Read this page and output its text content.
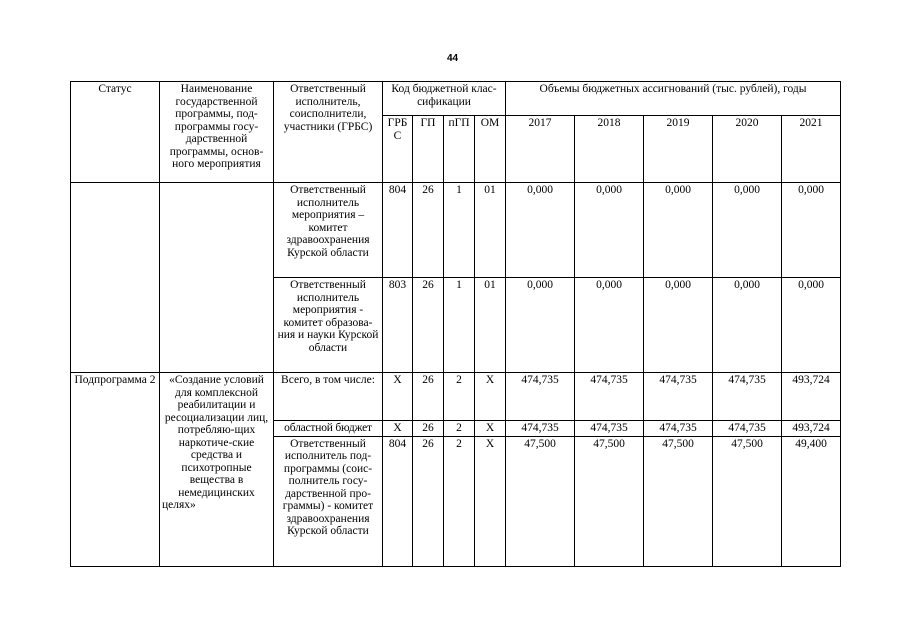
44
Статус	Наименование государственной программы, под-программы госу-дарственной программы, основ-ного мероприятия	Ответственный исполнитель, соисполнители, участники (ГРБС)	Код бюджетной клас-сификации				Объемы бюджетных ассигнований (тыс. рублей), годы				
			ГРБ С	ГП	пГП	ОМ	2017	2018	2019	2020	2021
		Ответственный исполнитель мероприятия – комитет здравоохранения Курской области	804	26	1	01	0,000	0,000	0,000	0,000	0,000
		Ответственный исполнитель мероприятия - комитет образова-ния и науки Курской области	803	26	1	01	0,000	0,000	0,000	0,000	0,000
Подпрограмма 2	«Создание условий для комплексной реабилитации и ресоциализации лиц, потребляю-щих наркотиче-ские средства и психотропные вещества в немедицинских целях»	Всего, в том числе:	Х	26	2	Х	474,735	474,735	474,735	474,735	493,724
		областной бюджет	Х	26	2	Х	474,735	474,735	474,735	474,735	493,724
		Ответственный исполнитель под-программы (соис-полнитель госу-дарственной про-граммы) - комитет здравоохранения Курской области	804	26	2	Х	47,500	47,500	47,500	47,500	49,400
